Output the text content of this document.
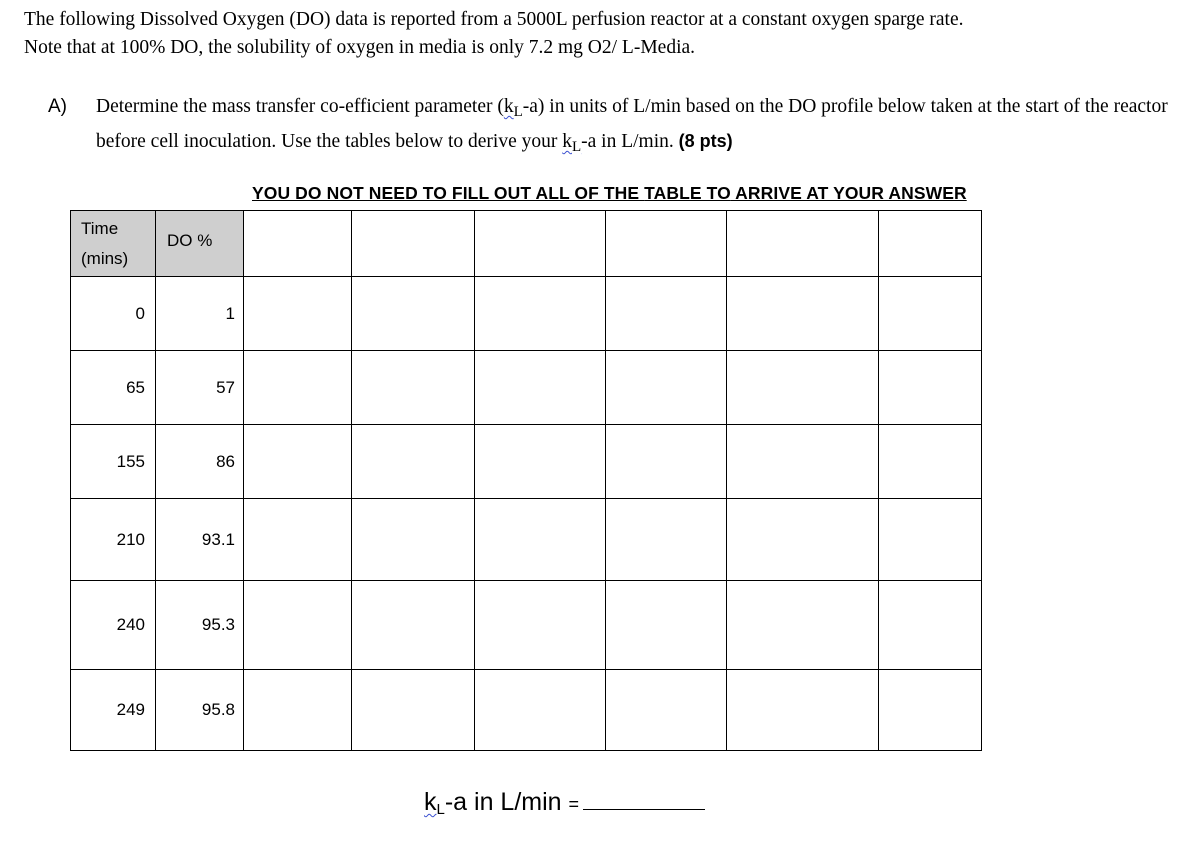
The following Dissolved Oxygen (DO) data is reported from a 5000L perfusion reactor at a constant oxygen sparge rate.

Note that at 100% DO, the solubility of oxygen in media is only 7.2 mg O2/ L-Media.

A) Determine the mass transfer co-efficient parameter $(k_L-a)$ in units of L/min based on the DO profile below taken at the start of the reactor before cell inoculation. Use the tables below to derive your $k_L-a$ in L/min. (8 pts)
YOU DO NOT NEED TO FILL OUT ALL OF THE TABLE TO ARRIVE AT YOUR ANSWER
Time
(mins)	DO %						
0	1						
65	57						
155	86						
210	93.1						
240	95.3						
249	95.8						
$k_L-a$ in L/min =
